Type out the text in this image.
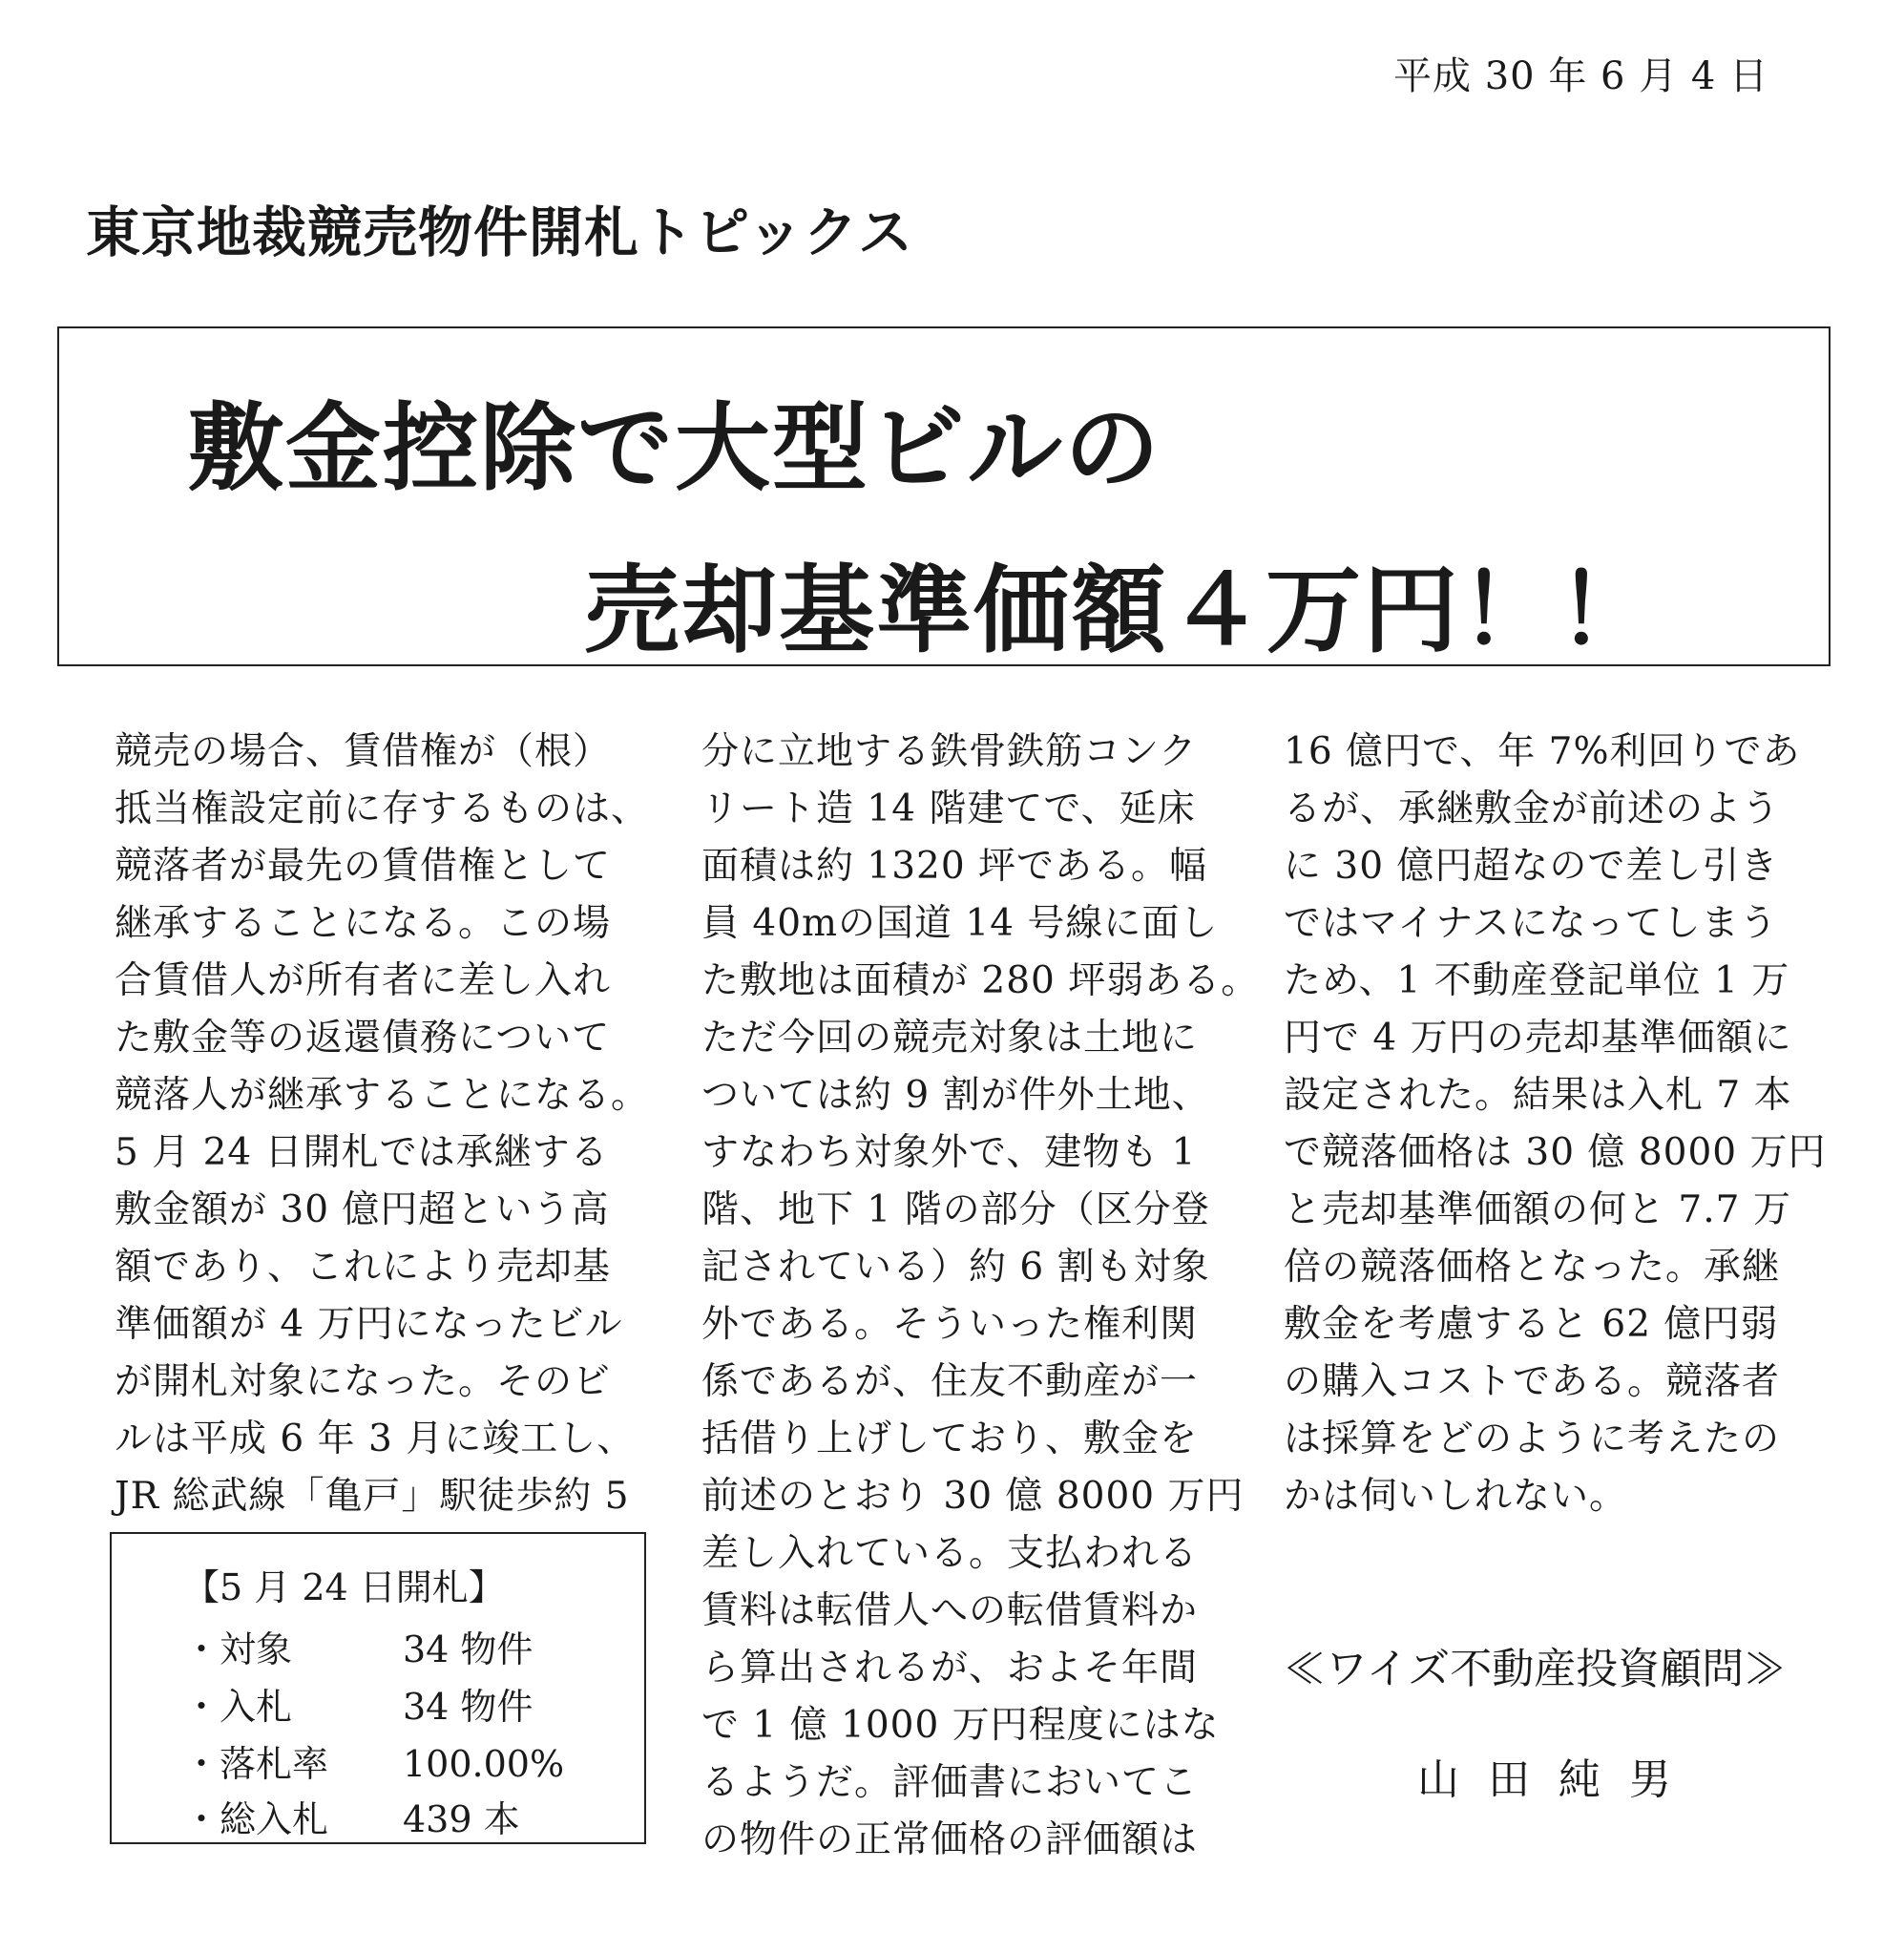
平成 30 年 6 月 4 日
東京地裁競売物件開札トピックス
敷金控除で大型ビルの
売却基準価額４万円！！
競売の場合、賃借権が（根）
抵当権設定前に存するものは、
競落者が最先の賃借権として
継承することになる。この場
合賃借人が所有者に差し入れ
た敷金等の返還債務について
競落人が継承することになる。
5 月 24 日開札では承継する
敷金額が 30 億円超という高
額であり、これにより売却基
準価額が 4 万円になったビル
が開札対象になった。そのビ
ルは平成 6 年 3 月に竣工し、
JR 総武線「亀戸」駅徒歩約 5
分に立地する鉄骨鉄筋コンク
リート造 14 階建てで、延床
面積は約 1320 坪である。幅
員 40mの国道 14 号線に面し
た敷地は面積が 280 坪弱ある。
ただ今回の競売対象は土地に
ついては約 9 割が件外土地、
すなわち対象外で、建物も 1
階、地下 1 階の部分（区分登
記されている）約 6 割も対象
外である。そういった権利関
係であるが、住友不動産が一
括借り上げしており、敷金を
前述のとおり 30 億 8000 万円
差し入れている。支払われる
賃料は転借人への転借賃料か
ら算出されるが、およそ年間
で 1 億 1000 万円程度にはな
るようだ。評価書においてこ
の物件の正常価格の評価額は
16 億円で、年 7%利回りであ
るが、承継敷金が前述のよう
に 30 億円超なので差し引き
ではマイナスになってしまう
ため、1 不動産登記単位 1 万
円で 4 万円の売却基準価額に
設定された。結果は入札 7 本
で競落価格は 30 億 8000 万円
と売却基準価額の何と 7.7 万
倍の競落価格となった。承継
敷金を考慮すると 62 億円弱
の購入コストである。競落者
は採算をどのように考えたの
かは伺いしれない。
【5 月 24 日開札】
・対象	34 物件
・入札	34 物件
・落札率 100.00%
・総入札 439 本
≪ワイズ不動産投資顧問≫
山田純男
